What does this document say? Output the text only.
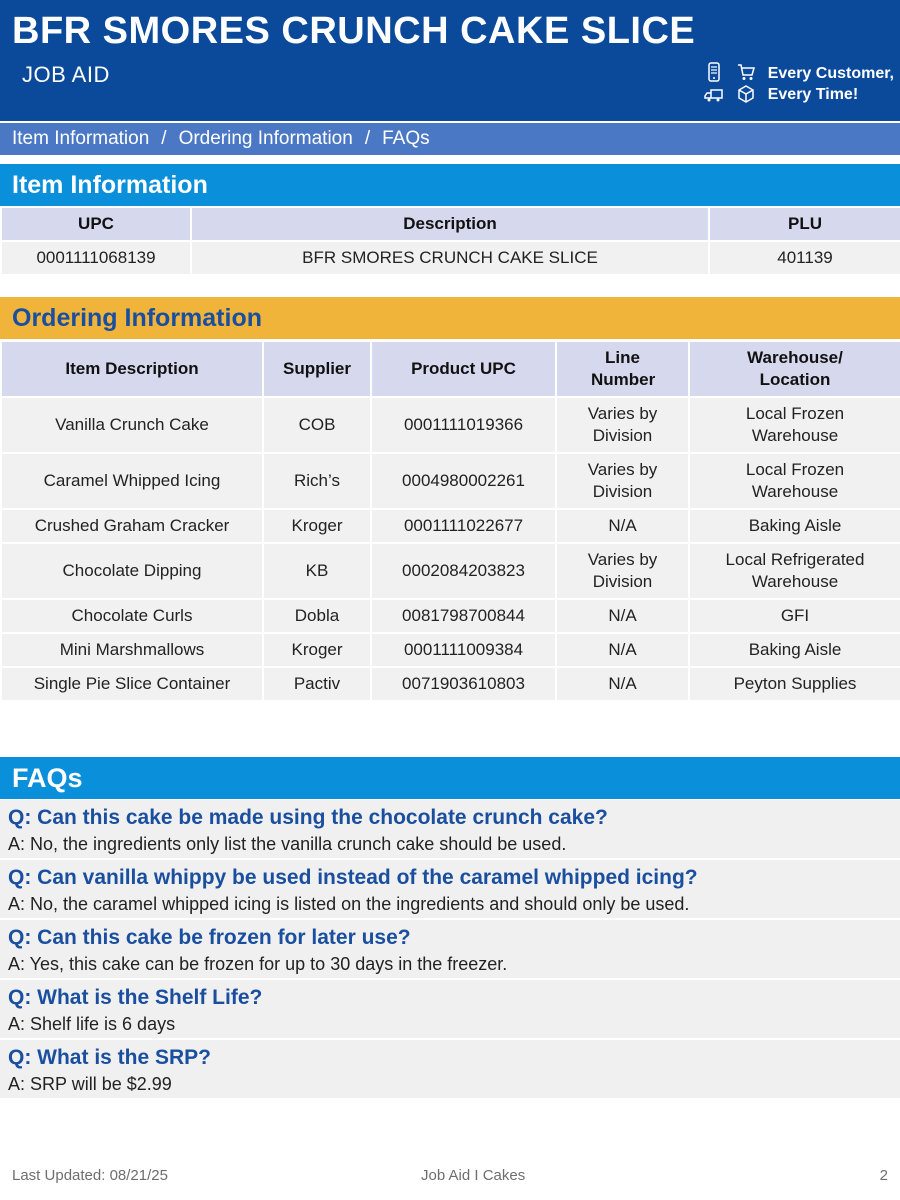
BFR SMORES CRUNCH CAKE SLICE
JOB AID	Every Customer,
Every Time!
Item Information / Ordering Information / FAQs
Item Information
UPC	Description	PLU
0001111068139	BFR SMORES CRUNCH CAKE SLICE	401139
Ordering Information
Item Description	Supplier	Product UPC	Line Number	Warehouse/ Location
Vanilla Crunch Cake	COB	0001111019366	Varies by Division	Local Frozen Warehouse
Caramel Whipped Icing	Rich’s	0004980002261	Varies by Division	Local Frozen Warehouse
Crushed Graham Cracker	Kroger	0001111022677	N/A	Baking Aisle
Chocolate Dipping	KB	0002084203823	Varies by Division	Local Refrigerated Warehouse
Chocolate Curls	Dobla	0081798700844	N/A	GFI
Mini Marshmallows	Kroger	0001111009384	N/A	Baking Aisle
Single Pie Slice Container	Pactiv	0071903610803	N/A	Peyton Supplies
FAQs
Q: Can this cake be made using the chocolate crunch cake?
A: No, the ingredients only list the vanilla crunch cake should be used.
Q: Can vanilla whippy be used instead of the caramel whipped icing?
A: No, the caramel whipped icing is listed on the ingredients and should only be used.
Q: Can this cake be frozen for later use?
A: Yes, this cake can be frozen for up to 30 days in the freezer.
Q: What is the Shelf Life?
A: Shelf life is 6 days
Q: What is the SRP?
A: SRP will be $2.99
Last Updated: 08/21/25	Job Aid I Cakes	2
